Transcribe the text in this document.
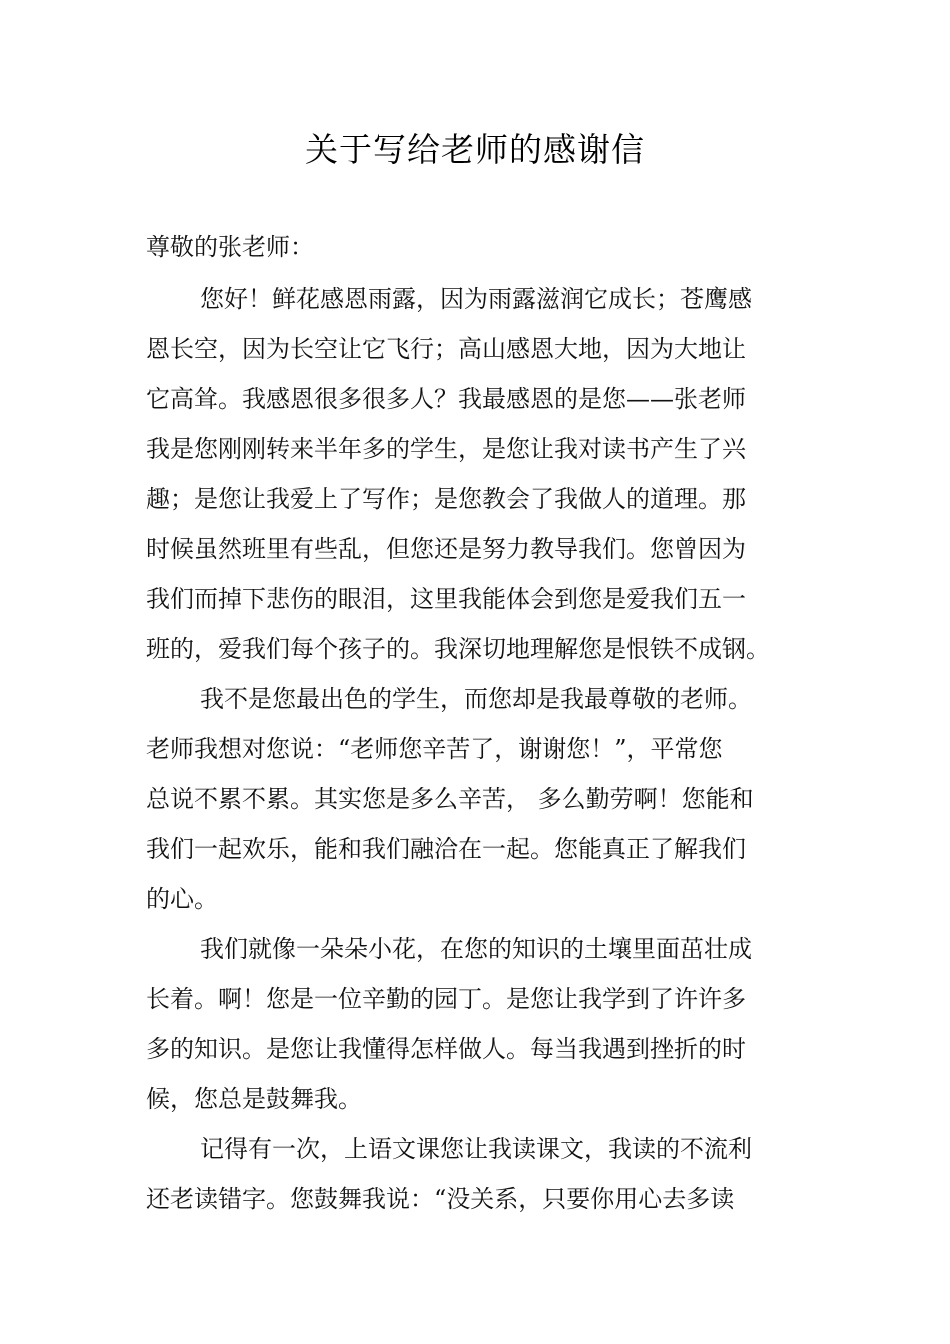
关于写给老师的感谢信
尊敬的张老师：
您好！鲜花感恩雨露，因为雨露滋润它成长；苍鹰感
恩长空，因为长空让它飞行；高山感恩大地，因为大地让
它高耸。我感恩很多很多人？我最感恩的是您——张老师
我是您刚刚转来半年多的学生，是您让我对读书产生了兴
趣；是您让我爱上了写作；是您教会了我做人的道理。那
时候虽然班里有些乱，但您还是努力教导我们。您曾因为
我们而掉下悲伤的眼泪，这里我能体会到您是爱我们五一
班的，爱我们每个孩子的。我深切地理解您是恨铁不成钢。
我不是您最出色的学生，而您却是我最尊敬的老师。
老师我想对您说：“老师您辛苦了，谢谢您！”，平常您
总说不累不累。其实您是多么辛苦， 多么勤劳啊！您能和
我们一起欢乐，能和我们融洽在一起。您能真正了解我们
的心。
我们就像一朵朵小花，在您的知识的土壤里面茁壮成
长着。啊！您是一位辛勤的园丁。是您让我学到了许许多
多的知识。是您让我懂得怎样做人。每当我遇到挫折的时
候，您总是鼓舞我。
记得有一次，上语文课您让我读课文，我读的不流利
还老读错字。您鼓舞我说：“没关系，只要你用心去多读
